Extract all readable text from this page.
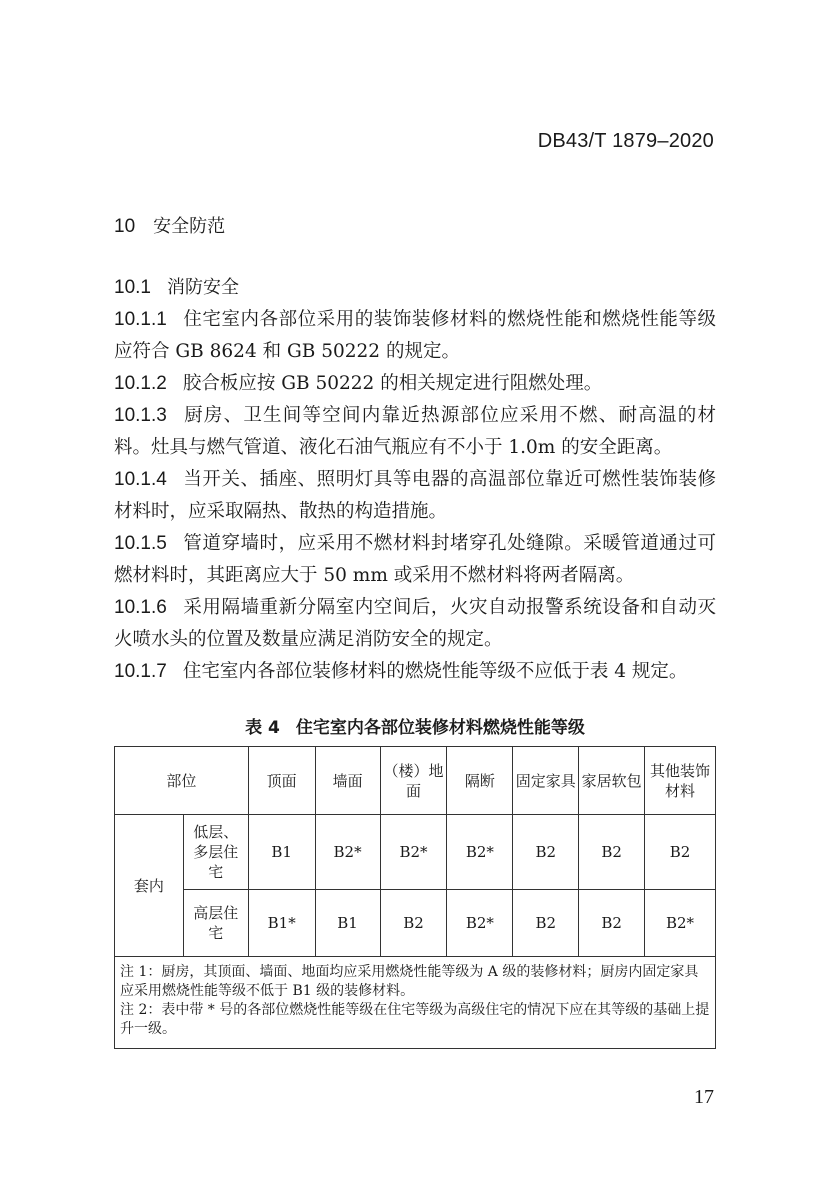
DB43/T 1879–2020
10 安全防范

10.1 消防安全

10.1.1 住宅室内各部位采用的装饰装修材料的燃烧性能和燃烧性能等级应符合 GB 8624 和 GB 50222 的规定。

10.1.2 胶合板应按 GB 50222 的相关规定进行阻燃处理。

10.1.3 厨房、卫生间等空间内靠近热源部位应采用不燃、耐高温的材料。灶具与燃气管道、液化石油气瓶应有不小于 1.0m 的安全距离。

10.1.4 当开关、插座、照明灯具等电器的高温部位靠近可燃性装饰装修材料时，应采取隔热、散热的构造措施。

10.1.5 管道穿墙时，应采用不燃材料封堵穿孔处缝隙。采暖管道通过可燃材料时，其距离应大于 50 mm 或采用不燃材料将两者隔离。

10.1.6 采用隔墙重新分隔室内空间后，火灾自动报警系统设备和自动灭火喷水头的位置及数量应满足消防安全的规定。

10.1.7 住宅室内各部位装修材料的燃烧性能等级不应低于表 4 规定。

表 4 住宅室内各部位装修材料燃烧性能等级
部位		顶面	墙面	（楼）地面	隔断	固定家具	家居软包	其他装饰材料
套内	低层、多层住宅	B1	B2*	B2*	B2*	B2	B2	B2
	高层住宅	B1*	B1	B2	B2*	B2	B2	B2*

注 1：厨房，其顶面、墙面、地面均应采用燃烧性能等级为 A 级的装修材料；厨房内固定家具应采用燃烧性能等级不低于 B1 级的装修材料。
注 2：表中带 * 号的各部位燃烧性能等级在住宅等级为高级住宅的情况下应在其等级的基础上提升一级。								
17
